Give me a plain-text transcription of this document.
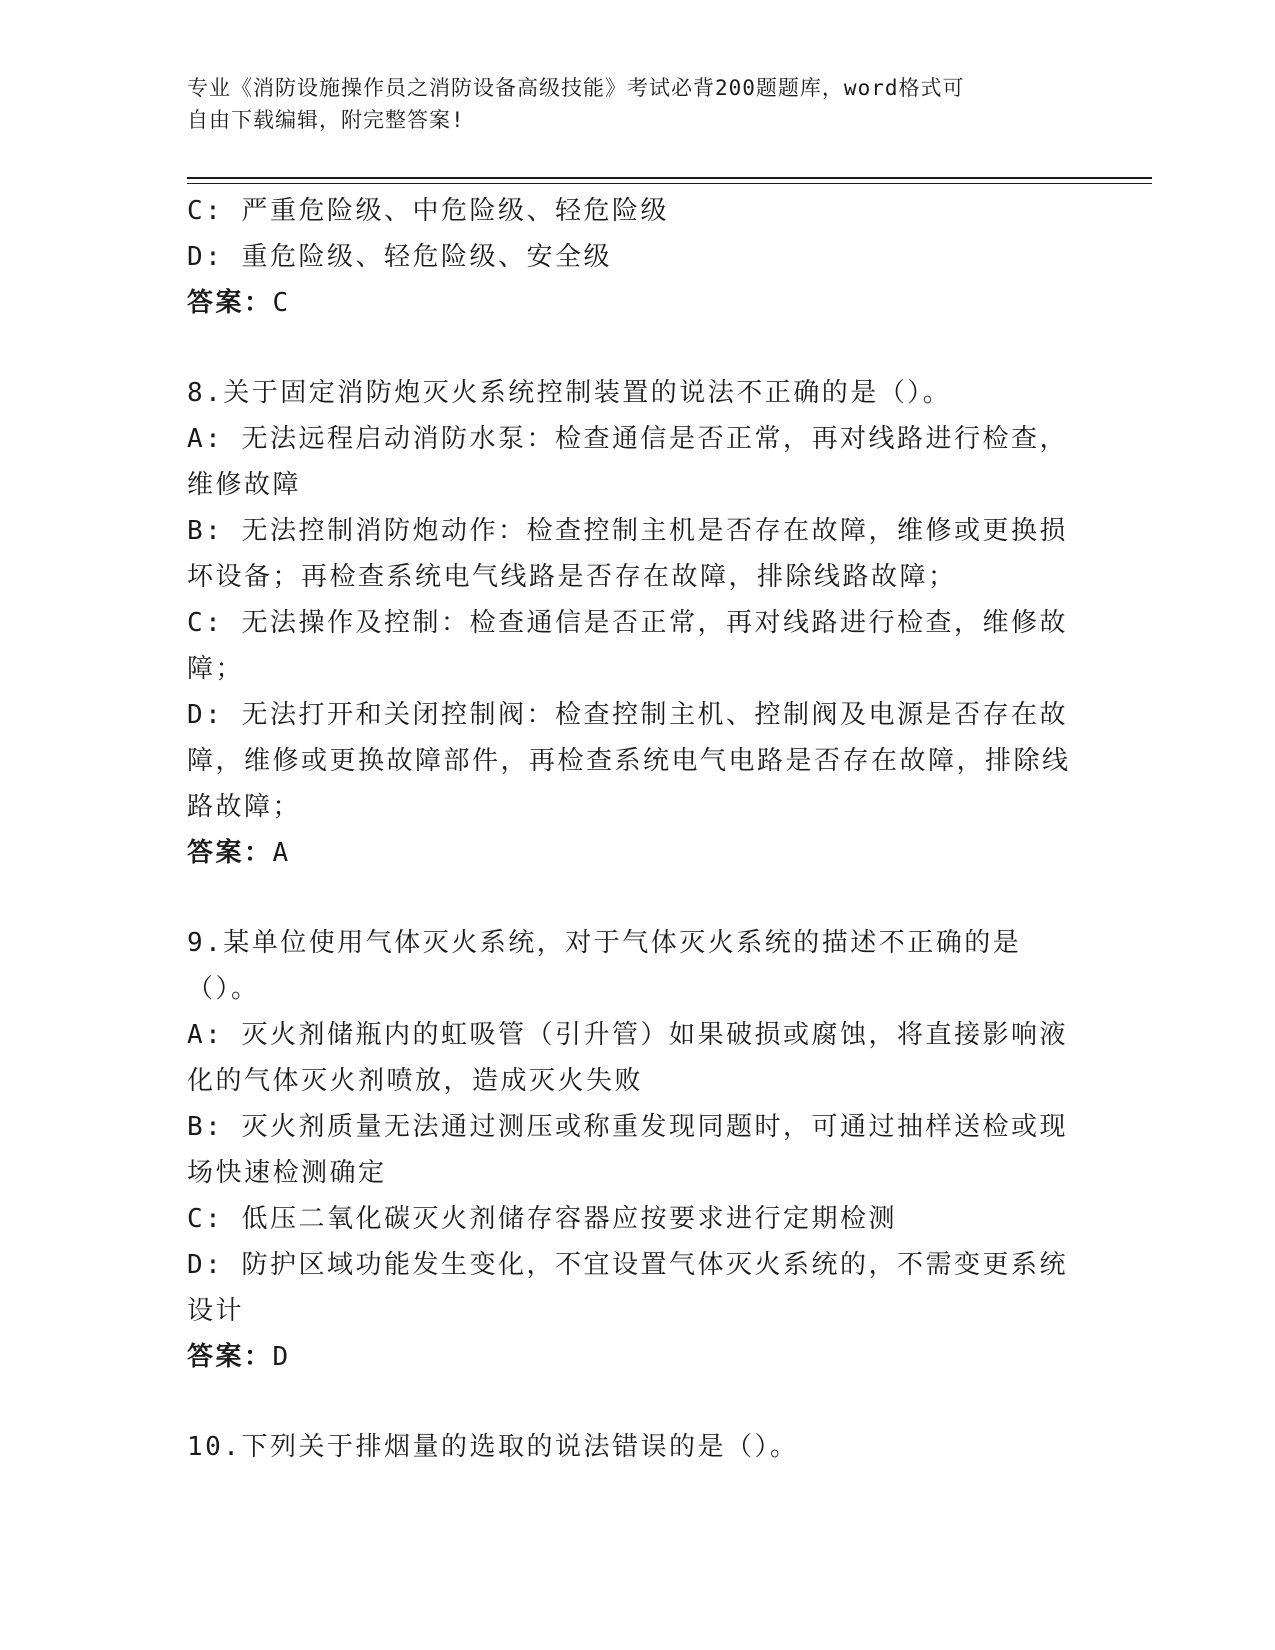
专业《消防设施操作员之消防设备高级技能》考试必背200题题库，word格式可
自由下载编辑，附完整答案!
C: 严重危险级、中危险级、轻危险级
D: 重危险级、轻危险级、安全级
答案：C
8.关于固定消防炮灭火系统控制装置的说法不正确的是（）。
A: 无法远程启动消防水泵：检查通信是否正常，再对线路进行检查，维修故障
B: 无法控制消防炮动作：检查控制主机是否存在故障，维修或更换损坏设备；再检查系统电气线路是否存在故障，排除线路故障；
C: 无法操作及控制：检查通信是否正常，再对线路进行检查，维修故障；
D: 无法打开和关闭控制阀：检查控制主机、控制阀及电源是否存在故障，维修或更换故障部件，再检查系统电气电路是否存在故障，排除线路故障；
答案：A
9.某单位使用气体灭火系统，对于气体灭火系统的描述不正确的是（）。
A: 灭火剂储瓶内的虹吸管（引升管）如果破损或腐蚀，将直接影响液化的气体灭火剂喷放，造成灭火失败
B: 灭火剂质量无法通过测压或称重发现同题时，可通过抽样送检或现场快速检测确定
C: 低压二氧化碳灭火剂储存容器应按要求进行定期检测
D: 防护区域功能发生变化，不宜设置气体灭火系统的，不需变更系统设计
答案：D
10.下列关于排烟量的选取的说法错误的是（）。
